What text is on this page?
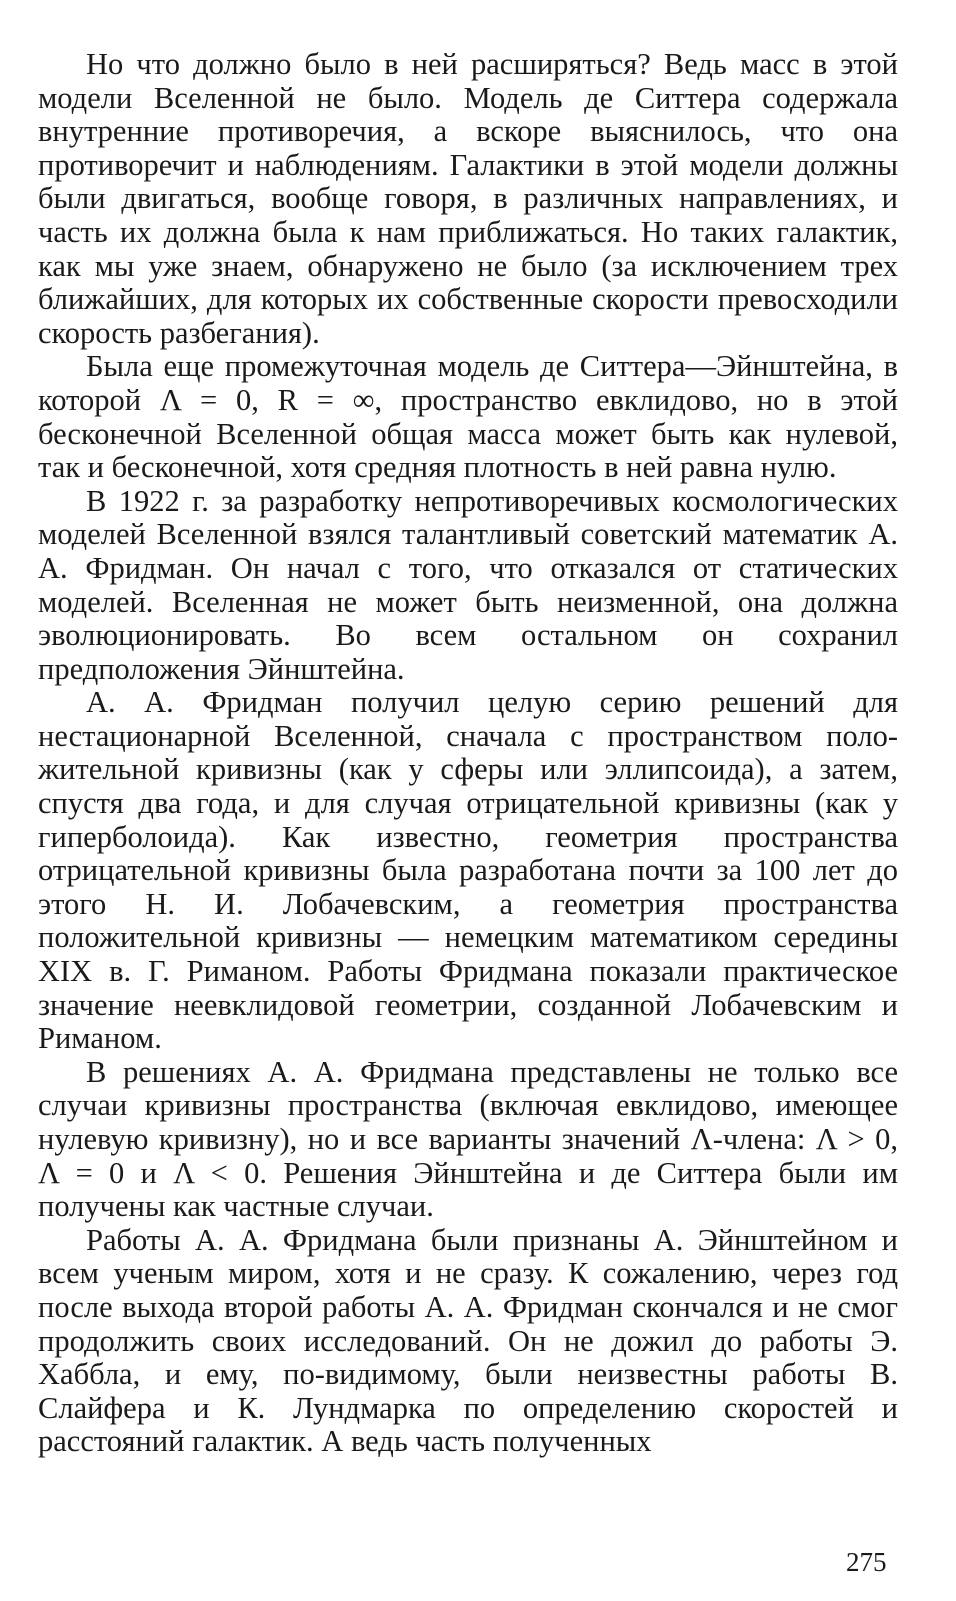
Но что должно было в ней расширяться? Ведь масс в этой модели Вселенной не было. Модель де Ситтера содержала внутренние противоречия, а вскоре выяснилось, что она противоречит и наблюдениям. Галактики в этой модели должны были двигаться, вообще говоря, в различных направлениях, и часть их должна была к нам приближаться. Но таких галактик, как мы уже знаем, обнаружено не было (за исключением трех ближайших, для которых их собственные скорости превосходили скорость разбегания).

Была еще промежуточная модель де Ситтера—Эйнштейна, в которой Λ = 0, R = ∞, пространство евклидово, но в этой бесконечной Вселенной общая масса может быть как нулевой, так и бесконечной, хотя средняя плотность в ней равна нулю.

В 1922 г. за разработку непротиворечивых космологических моделей Вселенной взялся талантливый советский математик А. А. Фридман. Он начал с того, что отказался от статических моделей. Вселенная не может быть неизменной, она должна эволюционировать. Во всем остальном он сохранил предположения Эйнштейна.

А. А. Фридман получил целую серию решений для нестационарной Вселенной, сначала с пространством положительной кривизны (как у сферы или эллипсоида), а затем, спустя два года, и для случая отрицательной кривизны (как у гиперболоида). Как известно, геометрия пространства отрицательной кривизны была разработана почти за 100 лет до этого Н. И. Лобачевским, а геометрия пространства положительной кривизны — немецким математиком середины XIX в. Г. Риманом. Работы Фридмана показали практическое значение неевклидовой геометрии, созданной Лобачевским и Риманом.

В решениях А. А. Фридмана представлены не только все случаи кривизны пространства (включая евклидово, имеющее нулевую кривизну), но и все варианты значений Λ-члена: Λ > 0, Λ = 0 и Λ < 0. Решения Эйнштейна и де Ситтера были им получены как частные случаи.

Работы А. А. Фридмана были признаны А. Эйнштейном и всем ученым миром, хотя и не сразу. К сожалению, через год после выхода второй работы А. А. Фридман скончался и не смог продолжить своих исследований. Он не дожил до работы Э. Хаббла, и ему, по-видимому, были неизвестны работы В. Слайфера и К. Лундмарка по определению скоростей и расстояний галактик. А ведь часть полученных

275
